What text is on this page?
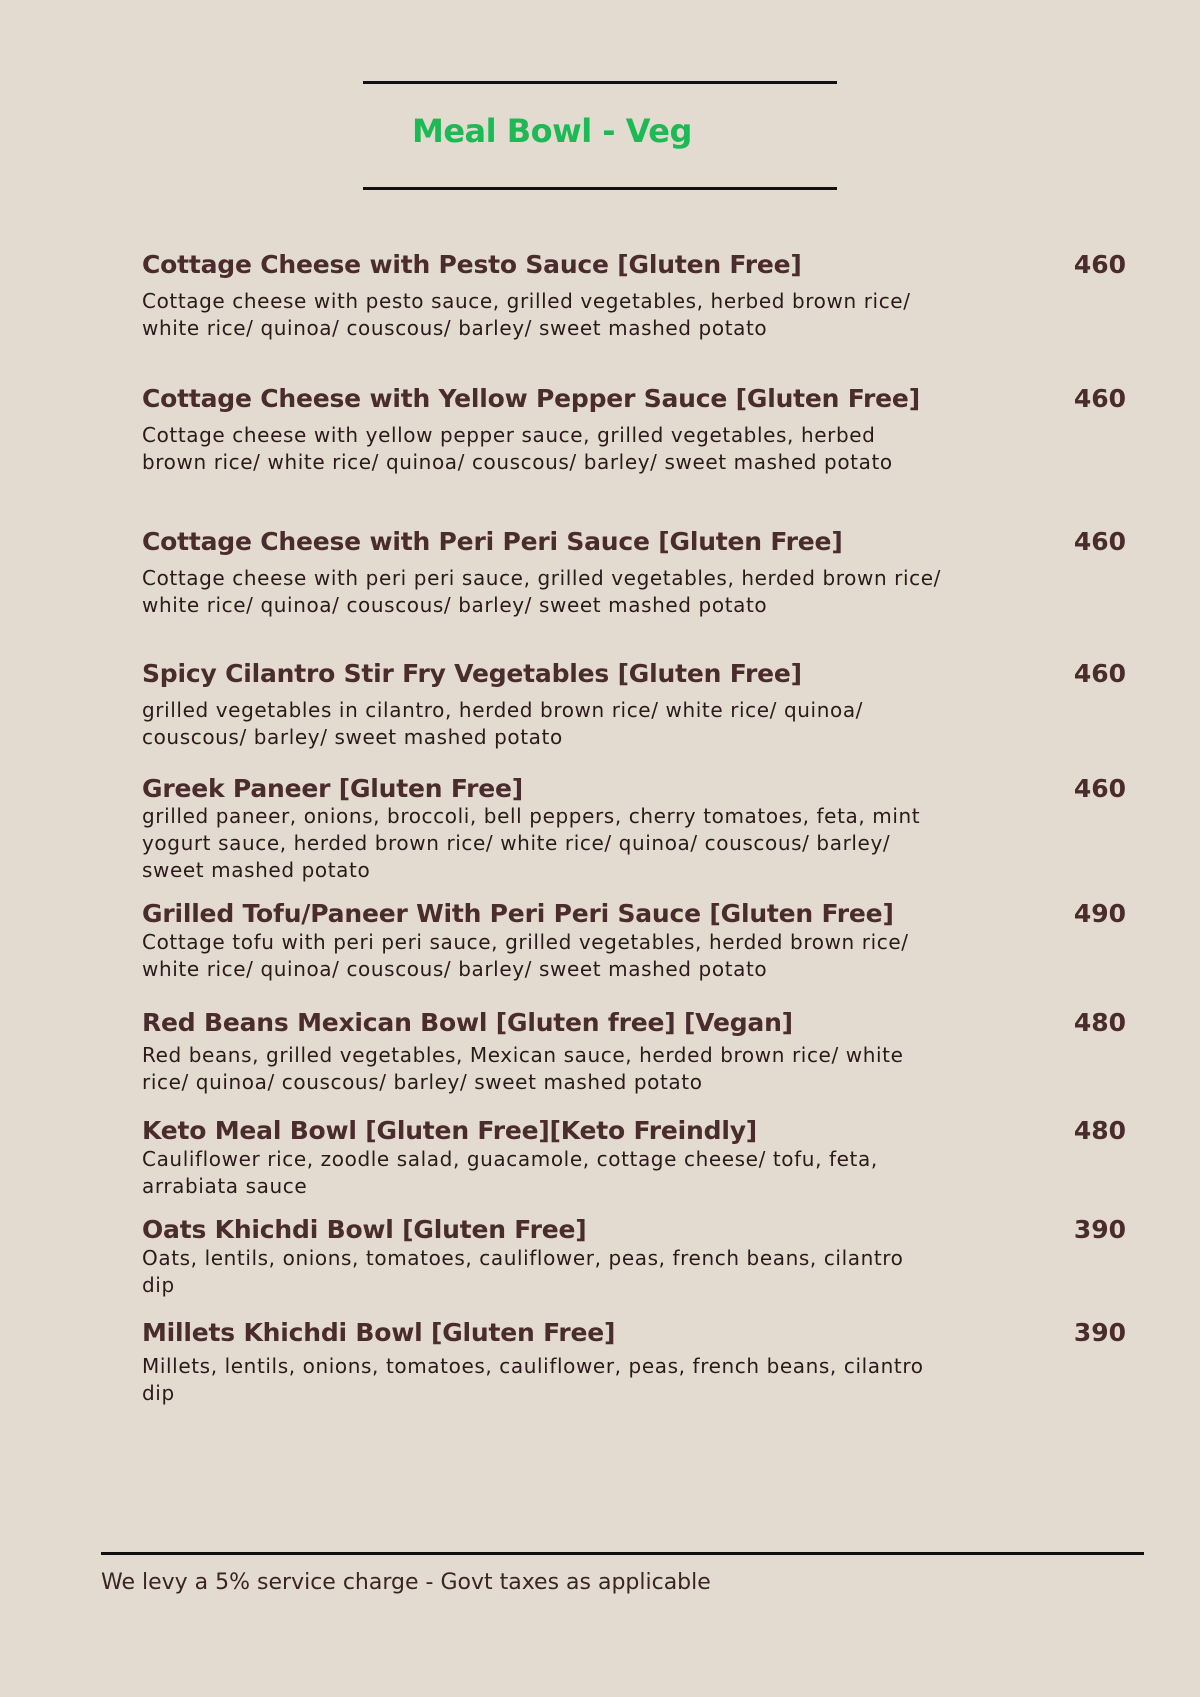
Meal Bowl - Veg
Cottage Cheese with Pesto Sauce [Gluten Free]	460
Cottage cheese with pesto sauce, grilled vegetables, herbed brown rice/ white rice/ quinoa/ couscous/ barley/ sweet mashed potato
Cottage Cheese with Yellow Pepper Sauce [Gluten Free]	460
Cottage cheese with yellow pepper sauce, grilled vegetables, herbed brown rice/ white rice/ quinoa/ couscous/ barley/ sweet mashed potato
Cottage Cheese with Peri Peri Sauce [Gluten Free]	460
Cottage cheese with peri peri sauce, grilled vegetables, herded brown rice/ white rice/ quinoa/ couscous/ barley/ sweet mashed potato
Spicy Cilantro Stir Fry Vegetables [Gluten Free]	460
grilled vegetables in cilantro, herded brown rice/ white rice/ quinoa/ couscous/ barley/ sweet mashed potato
Greek Paneer [Gluten Free]	460
grilled paneer, onions, broccoli, bell peppers, cherry tomatoes, feta, mint yogurt sauce, herded brown rice/ white rice/ quinoa/ couscous/ barley/ sweet mashed potato
Grilled Tofu/Paneer With Peri Peri Sauce [Gluten Free]	490
Cottage tofu with peri peri sauce, grilled vegetables, herded brown rice/ white rice/ quinoa/ couscous/ barley/ sweet mashed potato
Red Beans Mexican Bowl [Gluten free] [Vegan]	480
Red beans, grilled vegetables, Mexican sauce, herded brown rice/ white rice/ quinoa/ couscous/ barley/ sweet mashed potato
Keto Meal Bowl [Gluten Free][Keto Freindly]	480
Cauliflower rice, zoodle salad, guacamole, cottage cheese/ tofu, feta, arrabiata sauce
Oats Khichdi Bowl [Gluten Free]	390
Oats, lentils, onions, tomatoes, cauliflower, peas, french beans, cilantro dip
Millets Khichdi Bowl [Gluten Free]	390
Millets, lentils, onions, tomatoes, cauliflower, peas, french beans, cilantro dip
We levy a 5% service charge - Govt taxes as applicable
